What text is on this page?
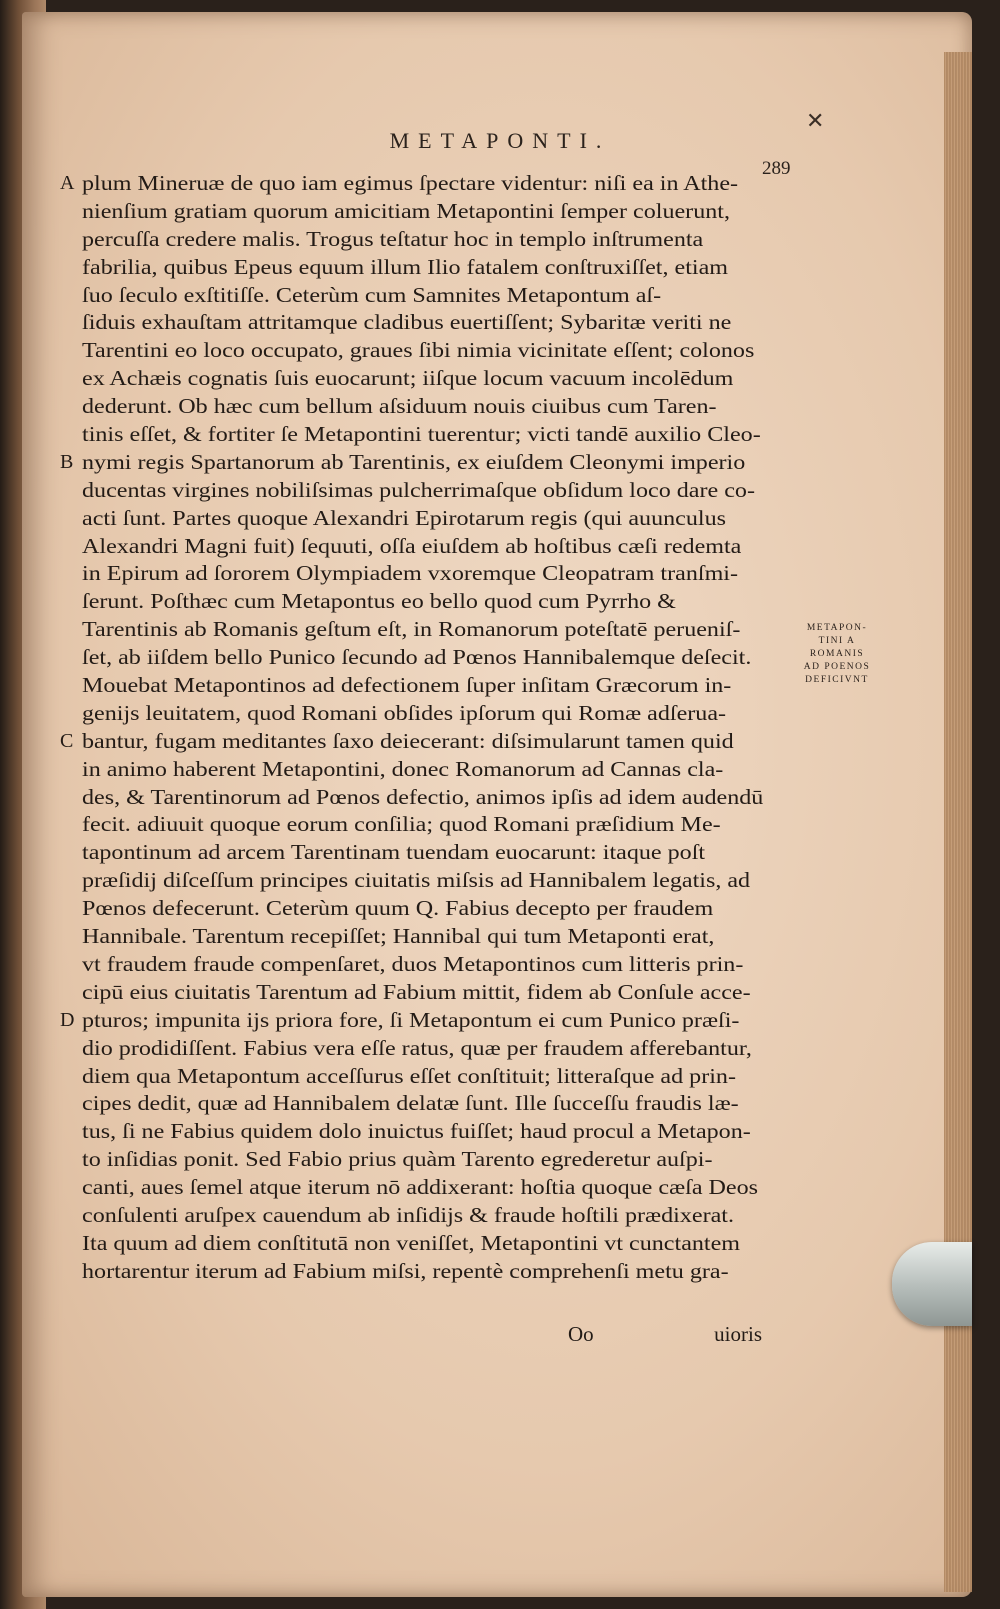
✕
METAPONTI.
289
A plum Mineruæ de quo iam egimus ſpectare videntur: niſi ea in Athe-
nienſium gratiam quorum amicitiam Metapontini ſemper coluerunt,
percuſſa credere malis. Trogus teſtatur hoc in templo inſtrumenta
fabrilia, quibus Epeus equum illum Ilio fatalem conſtruxiſſet, etiam
ſuo ſeculo exſtitiſſe. Ceterùm cum Samnites Metapontum aſ-
ſiduis exhauſtam attritamque cladibus euertiſſent; Sybaritæ veriti ne
Tarentini eo loco occupato, graues ſibi nimia vicinitate eſſent; colonos
ex Achæis cognatis ſuis euocarunt; iiſque locum vacuum incolēdum
dederunt. Ob hæc cum bellum aſsiduum nouis ciuibus cum Taren-
tinis eſſet, & fortiter ſe Metapontini tuerentur; victi tandē auxilio Cleo-
B nymi regis Spartanorum ab Tarentinis, ex eiuſdem Cleonymi imperio
ducentas virgines nobiliſsimas pulcherrimaſque obſidum loco dare co-
acti ſunt. Partes quoque Alexandri Epirotarum regis (qui auunculus
Alexandri Magni fuit) ſequuti, oſſa eiuſdem ab hoſtibus cæſi redemta
in Epirum ad ſororem Olympiadem vxoremque Cleopatram tranſmi-
ſerunt. Poſthæc cum Metapontus eo bello quod cum Pyrrho &
Tarentinis ab Romanis geſtum eſt, in Romanorum poteſtatē perueniſ-
ſet, ab iiſdem bello Punico ſecundo ad Pœnos Hannibalemque deſecit.
Mouebat Metapontinos ad defectionem ſuper inſitam Græcorum in-
genijs leuitatem, quod Romani obſides ipſorum qui Romæ adſerua-
C bantur, fugam meditantes ſaxo deiecerant: diſsimularunt tamen quid
in animo haberent Metapontini, donec Romanorum ad Cannas cla-
des, & Tarentinorum ad Pœnos defectio, animos ipſis ad idem audendū
fecit. adiuuit quoque eorum conſilia; quod Romani præſidium Me-
tapontinum ad arcem Tarentinam tuendam euocarunt: itaque poſt
præſidij diſceſſum principes ciuitatis miſsis ad Hannibalem legatis, ad
Pœnos defecerunt. Ceterùm quum Q. Fabius decepto per fraudem
Hannibale. Tarentum recepiſſet; Hannibal qui tum Metaponti erat,
vt fraudem fraude compenſaret, duos Metapontinos cum litteris prin-
cipū eius ciuitatis Tarentum ad Fabium mittit, fidem ab Conſule acce-
D pturos; impunita ijs priora fore, ſi Metapontum ei cum Punico præſi-
dio prodidiſſent. Fabius vera eſſe ratus, quæ per fraudem afferebantur,
diem qua Metapontum acceſſurus eſſet conſtituit; litteraſque ad prin-
cipes dedit, quæ ad Hannibalem delatæ ſunt. Ille ſucceſſu fraudis læ-
tus, ſi ne Fabius quidem dolo inuictus fuiſſet; haud procul a Metapon-
to inſidias ponit. Sed Fabio prius quàm Tarento egrederetur auſpi-
canti, aues ſemel atque iterum nō addixerant: hoſtia quoque cæſa Deos
conſulenti aruſpex cauendum ab inſidijs & fraude hoſtili prædixerat.
Ita quum ad diem conſtitutā non veniſſet, Metapontini vt cunctantem
hortarentur iterum ad Fabium miſsi, repentè comprehenſi metu gra-
METAPON-
TINI A
ROMANIS
AD POENOS
DEFICIVNT
Oo	uioris
